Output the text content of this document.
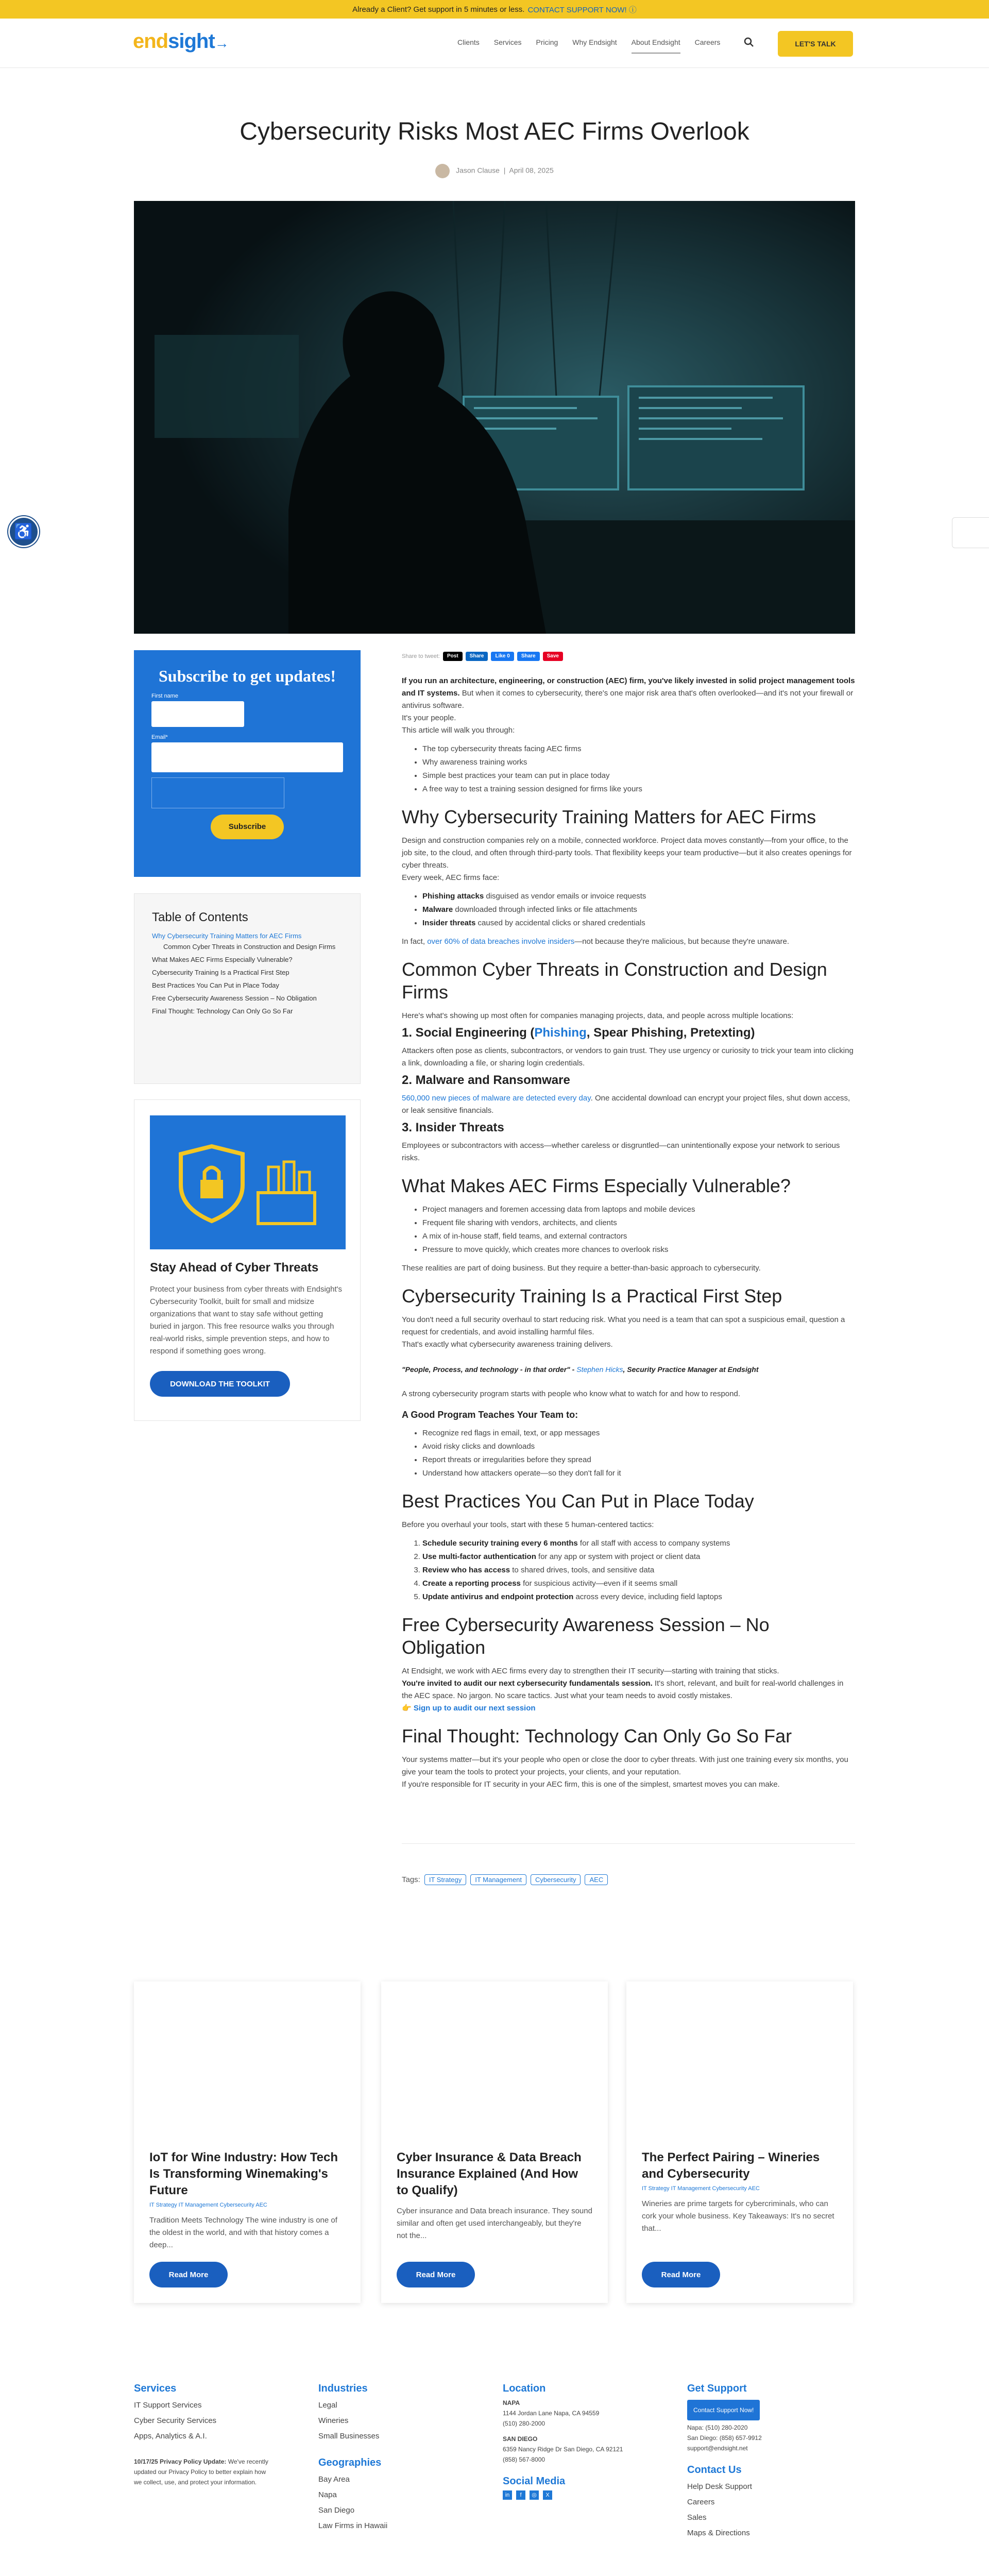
Already a Client? Get support in 5 minutes or less. CONTACT SUPPORT NOW! ⓘ
endsight→	Clients Services Pricing Why Endsight About Endsight Careers	LET'S TALK
Cybersecurity Risks Most AEC Firms Overlook
Jason Clause  |  April 08, 2025
♿
Subscribe to get updates!
First name
Email*
Subscribe
Table of Contents
Why Cybersecurity Training Matters for AEC Firms
Common Cyber Threats in Construction and Design Firms
What Makes AEC Firms Especially Vulnerable?
Cybersecurity Training Is a Practical First Step
Best Practices You Can Put in Place Today
Free Cybersecurity Awareness Session – No Obligation
Final Thought: Technology Can Only Go So Far
Stay Ahead of Cyber Threats

Protect your business from cyber threats with Endsight's Cybersecurity Toolkit, built for small and midsize organizations that want to stay safe without getting buried in jargon. This free resource walks you through real-world risks, simple prevention steps, and how to respond if something goes wrong.

DOWNLOAD THE TOOLKIT
Share to tweet:	Post	Share	Like 0	Share	Save

If you run an architecture, engineering, or construction (AEC) firm, you've likely invested in solid project management tools and IT systems. But when it comes to cybersecurity, there's one major risk area that's often overlooked—and it's not your firewall or antivirus software.

It's your people.

This article will walk you through:

• The top cybersecurity threats facing AEC firms
• Why awareness training works
• Simple best practices your team can put in place today
• A free way to test a training session designed for firms like yours
Why Cybersecurity Training Matters for AEC Firms

Design and construction companies rely on a mobile, connected workforce. Project data moves constantly—from your office, to the job site, to the cloud, and often through third-party tools. That flexibility keeps your team productive—but it also creates openings for cyber threats.

Every week, AEC firms face:

• Phishing attacks disguised as vendor emails or invoice requests
• Malware downloaded through infected links or file attachments
• Insider threats caused by accidental clicks or shared credentials

In fact, over 60% of data breaches involve insiders—not because they're malicious, but because they're unaware.

Common Cyber Threats in Construction and Design Firms

Here's what's showing up most often for companies managing projects, data, and people across multiple locations:

1. Social Engineering (Phishing, Spear Phishing, Pretexting)

Attackers often pose as clients, subcontractors, or vendors to gain trust. They use urgency or curiosity to trick your team into clicking a link, downloading a file, or sharing login credentials.

2. Malware and Ransomware

560,000 new pieces of malware are detected every day. One accidental download can encrypt your project files, shut down access, or leak sensitive financials.

3. Insider Threats

Employees or subcontractors with access—whether careless or disgruntled—can unintentionally expose your network to serious risks.

What Makes AEC Firms Especially Vulnerable?
• Project managers and foremen accessing data from laptops and mobile devices
• Frequent file sharing with vendors, architects, and clients
• A mix of in-house staff, field teams, and external contractors
• Pressure to move quickly, which creates more chances to overlook risks

These realities are part of doing business. But they require a better-than-basic approach to cybersecurity.

Cybersecurity Training Is a Practical First Step

You don't need a full security overhaul to start reducing risk. What you need is a team that can spot a suspicious email, question a request for credentials, and avoid installing harmful files.

That's exactly what cybersecurity awareness training delivers.

"People, Process, and technology - in that order" - Stephen Hicks, Security Practice Manager at Endsight

A strong cybersecurity program starts with people who know what to watch for and how to respond.

A Good Program Teaches Your Team to:
• Recognize red flags in email, text, or app messages
• Avoid risky clicks and downloads
• Report threats or irregularities before they spread
• Understand how attackers operate—so they don't fall for it
Best Practices You Can Put in Place Today

Before you overhaul your tools, start with these 5 human-centered tactics:

1. Schedule security training every 6 months for all staff with access to company systems
2. Use multi-factor authentication for any app or system with project or client data
3. Review who has access to shared drives, tools, and sensitive data
4. Create a reporting process for suspicious activity—even if it seems small
5. Update antivirus and endpoint protection across every device, including field laptops
Free Cybersecurity Awareness Session – No Obligation

At Endsight, we work with AEC firms every day to strengthen their IT security—starting with training that sticks.

You're invited to audit our next cybersecurity fundamentals session. It's short, relevant, and built for real-world challenges in the AEC space. No jargon. No scare tactics. Just what your team needs to avoid costly mistakes.

👉 Sign up to audit our next session

Final Thought: Technology Can Only Go So Far

Your systems matter—but it's your people who open or close the door to cyber threats. With just one training every six months, you give your team the tools to protect your projects, your clients, and your reputation.

If you're responsible for IT security in your AEC firm, this is one of the simplest, smartest moves you can make.

Tags:	IT Strategy	IT Management	Cybersecurity	AEC
IoT for Wine Industry: How Tech Is Transforming Winemaking's Future
IT Strategy IT Management Cybersecurity AEC

Tradition Meets Technology The wine industry is one of the oldest in the world, and with that history comes a deep...

Read More
Cyber Insurance & Data Breach Insurance Explained (And How to Qualify)

Cyber insurance and Data breach insurance. They sound similar and often get used interchangeably, but they're not the...

Read More
The Perfect Pairing – Wineries and Cybersecurity
IT Strategy IT Management Cybersecurity AEC

Wineries are prime targets for cybercriminals, who can cork your whole business. Key Takeaways: It's no secret that...

Read More
Services
IT Support Services
Cyber Security Services
Apps, Analytics & A.I.

10/17/25 Privacy Policy Update: We've recently updated our Privacy Policy to better explain how we collect, use, and protect your information.

Industries
Legal
Wineries
Small Businesses
Geographies
Bay Area
Napa
San Diego
Law Firms in Hawaii
Location
NAPA
1144 Jordan Lane Napa, CA 94559
(510) 280-2000
SAN DIEGO
6359 Nancy Ridge Dr San Diego, CA 92121
(858) 567-8000
Social Media
in	f	◎	X
Get Support
Contact Support Now!
Napa: (510) 280-2020
San Diego: (858) 657-9912
support@endsight.net
Contact Us
Help Desk Support
Careers
Sales
Maps & Directions
